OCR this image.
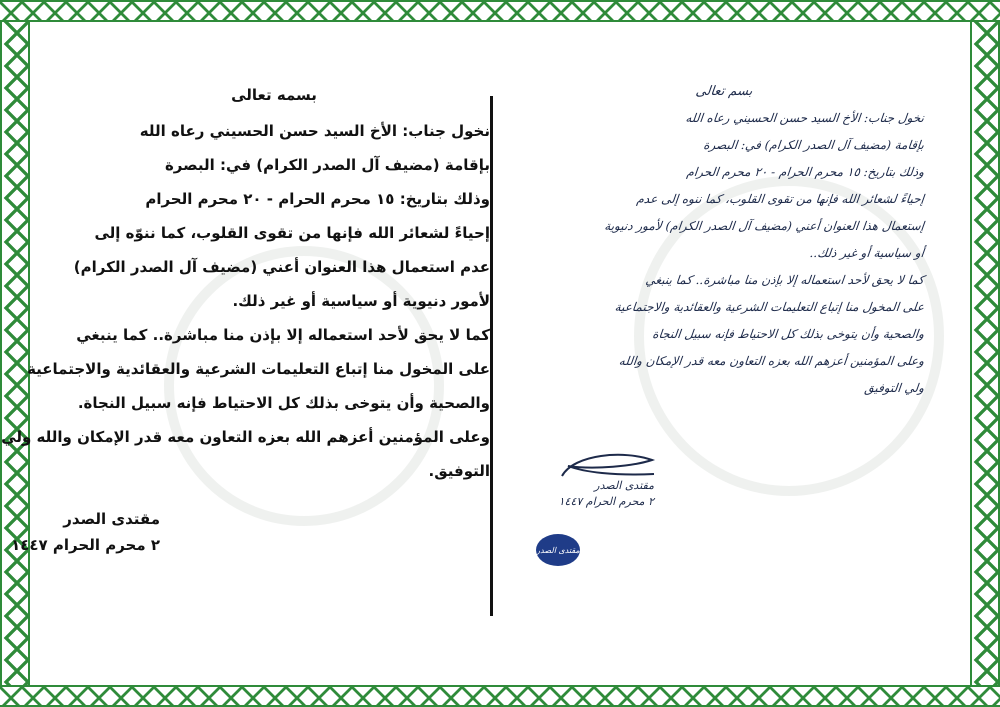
بسمه تعالى
نخول جناب: الأخ السيد حسن الحسيني رعاه الله
بإقامة (مضيف آل الصدر الكرام) في: البصرة
وذلك بتاريخ: ١٥ محرم الحرام - ٢٠ محرم الحرام
إحياءً لشعائر الله فإنها من تقوى القلوب، كما ننوّه إلى
عدم استعمال هذا العنوان أعني (مضيف آل الصدر الكرام)
لأمور دنيوية أو سياسية أو غير ذلك.
كما لا يحق لأحد استعماله إلا بإذن منا مباشرة.. كما ينبغي
على المخول منا إتباع التعليمات الشرعية والعقائدية والاجتماعية
والصحية وأن يتوخى بذلك كل الاحتياط فإنه سبيل النجاة.
وعلى المؤمنين أعزهم الله بعزه التعاون معه قدر الإمكان والله ولي
التوفيق.
مقتدى الصدر
٢ محرم الحرام ١٤٤٧
بسم تعالى
نخول جناب: الأخ السيد حسن الحسيني رعاه الله
بإقامة (مضيف آل الصدر الكرام) في: البصرة
وذلك بتاريخ: ١٥ محرم الحرام - ٢٠ محرم الحرام
إحياءً لشعائر الله فإنها من تقوى القلوب، كما ننوه إلى عدم
إستعمال هذا العنوان أعني (مضيف آل الصدر الكرام) لأمور دنيوية
أو سياسية أو غير ذلك..
كما لا يحق لأحد استعماله إلا بإذن منا مباشرة.. كما ينبغي
على المخول منا إتباع التعليمات الشرعية والعقائدية والاجتماعية
والصحية وأن يتوخى بذلك كل الاحتياط فإنه سبيل النجاة
وعلى المؤمنين أعزهم الله بعزه التعاون معه قدر الإمكان والله
ولي التوفيق
مقتدى الصدر
٢ محرم الحرام ١٤٤٧
مقتدى الصدر
